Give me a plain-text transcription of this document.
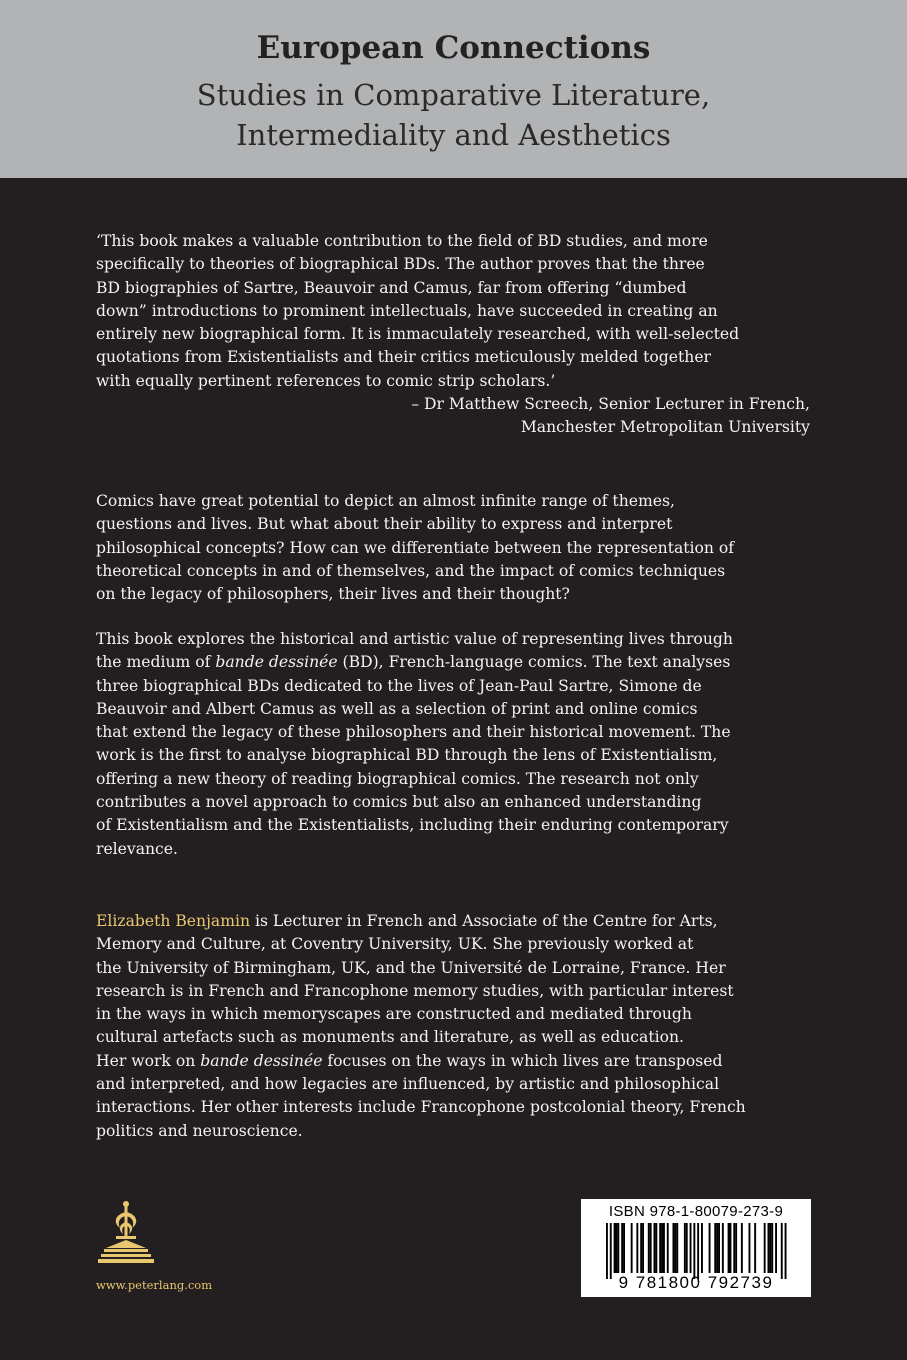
European Connections
Studies in Comparative Literature,
Intermediality and Aesthetics
‘This book makes a valuable contribution to the field of BD studies, and more
specifically to theories of biographical BDs. The author proves that the three
BD biographies of Sartre, Beauvoir and Camus, far from offering “dumbed
down” introductions to prominent intellectuals, have succeeded in creating an
entirely new biographical form. It is immaculately researched, with well-selected
quotations from Existentialists and their critics meticulously melded together
with equally pertinent references to comic strip scholars.’
– Dr Matthew Screech, Senior Lecturer in French,
Manchester Metropolitan University
Comics have great potential to depict an almost infinite range of themes,
questions and lives. But what about their ability to express and interpret
philosophical concepts? How can we differentiate between the representation of
theoretical concepts in and of themselves, and the impact of comics techniques
on the legacy of philosophers, their lives and their thought?
This book explores the historical and artistic value of representing lives through
the medium of bande dessinée (BD), French-language comics. The text analyses
three biographical BDs dedicated to the lives of Jean-Paul Sartre, Simone de
Beauvoir and Albert Camus as well as a selection of print and online comics
that extend the legacy of these philosophers and their historical movement. The
work is the first to analyse biographical BD through the lens of Existentialism,
offering a new theory of reading biographical comics. The research not only
contributes a novel approach to comics but also an enhanced understanding
of Existentialism and the Existentialists, including their enduring contemporary
relevance.
Elizabeth Benjamin is Lecturer in French and Associate of the Centre for Arts,
Memory and Culture, at Coventry University, UK. She previously worked at
the University of Birmingham, UK, and the Université de Lorraine, France. Her
research is in French and Francophone memory studies, with particular interest
in the ways in which memoryscapes are constructed and mediated through
cultural artefacts such as monuments and literature, as well as education.
Her work on bande dessinée focuses on the ways in which lives are transposed
and interpreted, and how legacies are influenced, by artistic and philosophical
interactions. Her other interests include Francophone postcolonial theory, French
politics and neuroscience.
www.peterlang.com
ISBN 978-1-80079-273-9
9 781800 792739
